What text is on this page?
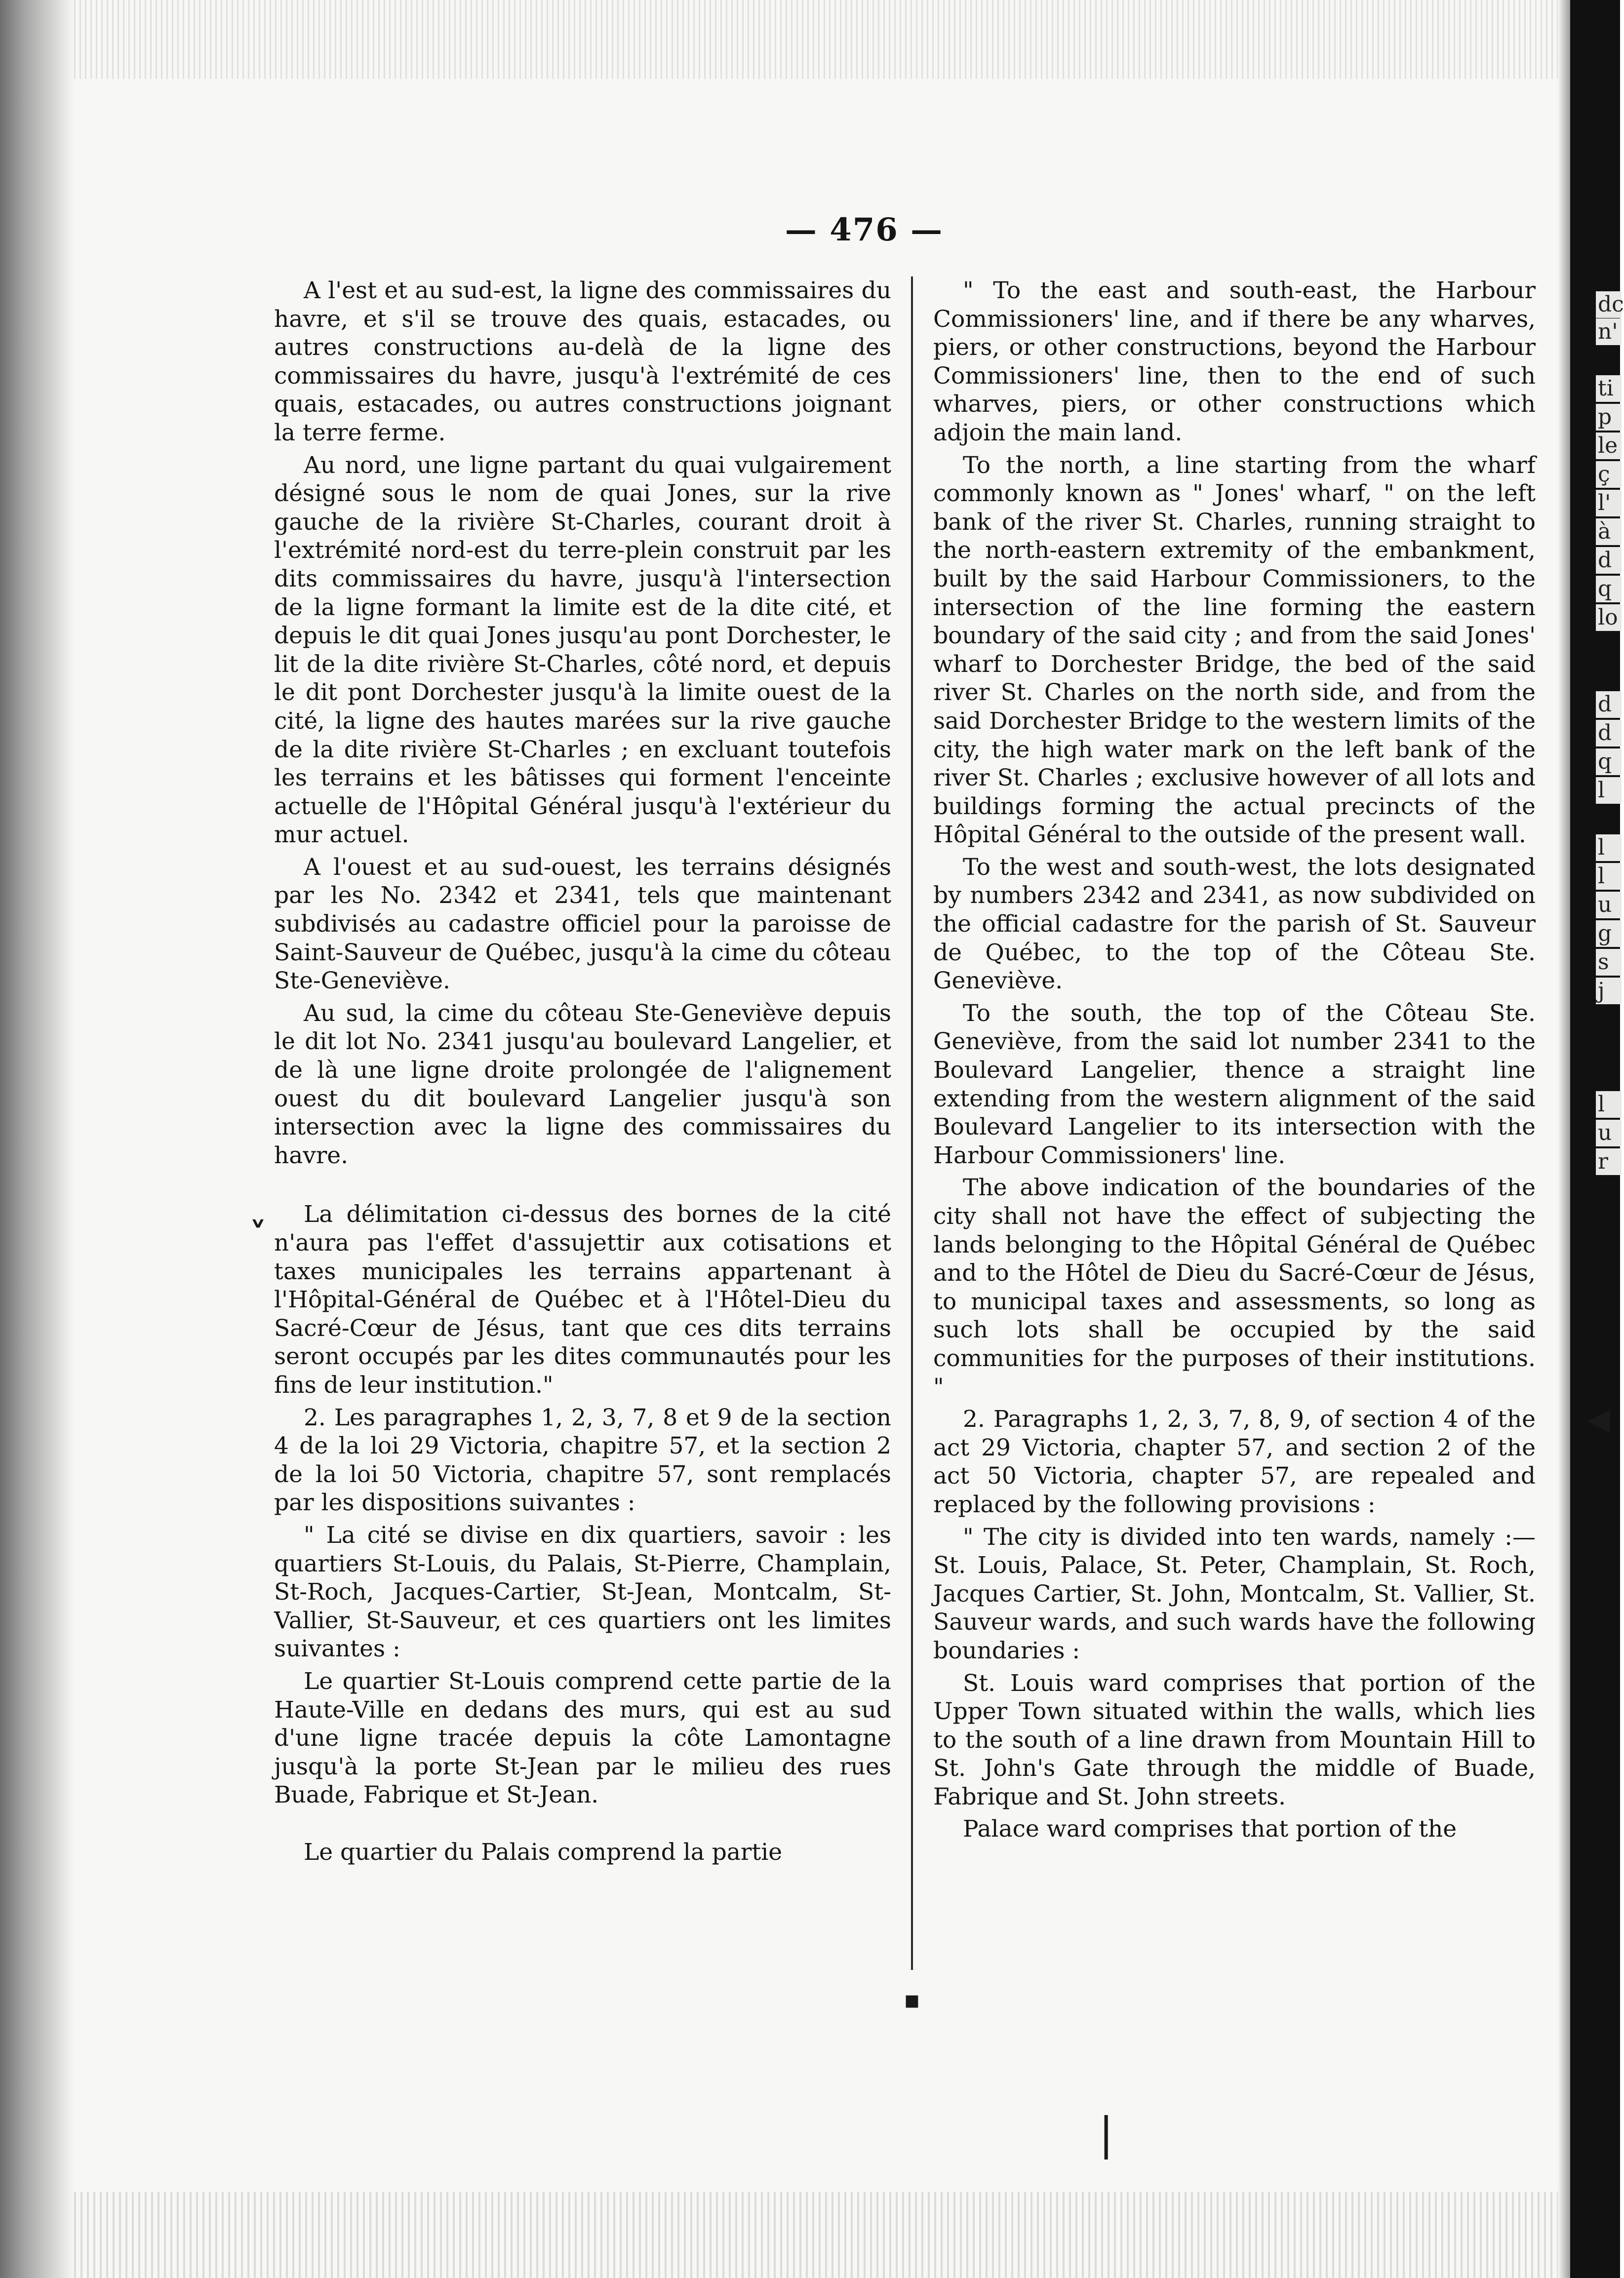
dc
n'
ti
p
le
ç
l'
à
d
q
lo
d
d
q
l
l
l
u
g
s
j
l
u
r
— 476 —

A l'est et au sud-est, la ligne des commissaires du havre, et s'il se trouve des quais, estacades, ou autres constructions au-delà de la ligne des commissaires du havre, jusqu'à l'extrémité de ces quais, estacades, ou autres constructions joignant la terre ferme.

Au nord, une ligne partant du quai vulgairement désigné sous le nom de quai Jones, sur la rive gauche de la rivière St-Charles, courant droit à l'extrémité nord-est du terre-plein construit par les dits commissaires du havre, jusqu'à l'intersection de la ligne formant la limite est de la dite cité, et depuis le dit quai Jones jusqu'au pont Dorchester, le lit de la dite rivière St-Charles, côté nord, et depuis le dit pont Dorchester jusqu'à la limite ouest de la cité, la ligne des hautes marées sur la rive gauche de la dite rivière St-Charles ; en excluant toutefois les terrains et les bâtisses qui forment l'enceinte actuelle de l'Hôpital Général jusqu'à l'extérieur du mur actuel.

A l'ouest et au sud-ouest, les terrains désignés par les No. 2342 et 2341, tels que maintenant subdivisés au cadastre officiel pour la paroisse de Saint-Sauveur de Québec, jusqu'à la cime du côteau Ste-Geneviève.

Au sud, la cime du côteau Ste-Geneviève depuis le dit lot No. 2341 jusqu'au boulevard Langelier, et de là une ligne droite prolongée de l'alignement ouest du dit boulevard Langelier jusqu'à son intersection avec la ligne des commissaires du havre.

La délimitation ci-dessus des bornes de la cité n'aura pas l'effet d'assujettir aux cotisations et taxes municipales les terrains appartenant à l'Hôpital-Général de Québec et à l'Hôtel-Dieu du Sacré-Cœur de Jésus, tant que ces dits terrains seront occupés par les dites communautés pour les fins de leur institution."

2. Les paragraphes 1, 2, 3, 7, 8 et 9 de la section 4 de la loi 29 Victoria, chapitre 57, et la section 2 de la loi 50 Victoria, chapitre 57, sont remplacés par les dispositions suivantes :

" La cité se divise en dix quartiers, savoir : les quartiers St-Louis, du Palais, St-Pierre, Champlain, St-Roch, Jacques-Cartier, St-Jean, Montcalm, St-Vallier, St-Sauveur, et ces quartiers ont les limites suivantes :

Le quartier St-Louis comprend cette partie de la Haute-Ville en dedans des murs, qui est au sud d'une ligne tracée depuis la côte Lamontagne jusqu'à la porte St-Jean par le milieu des rues Buade, Fabrique et St-Jean.

Le quartier du Palais comprend la partie

" To the east and south-east, the Harbour Commissioners' line, and if there be any wharves, piers, or other constructions, beyond the Harbour Commissioners' line, then to the end of such wharves, piers, or other constructions which adjoin the main land.

To the north, a line starting from the wharf commonly known as " Jones' wharf, " on the left bank of the river St. Charles, running straight to the north-eastern extremity of the embankment, built by the said Harbour Commissioners, to the intersection of the line forming the eastern boundary of the said city ; and from the said Jones' wharf to Dorchester Bridge, the bed of the said river St. Charles on the north side, and from the said Dorchester Bridge to the western limits of the city, the high water mark on the left bank of the river St. Charles ; exclusive however of all lots and buildings forming the actual precincts of the Hôpital Général to the outside of the present wall.

To the west and south-west, the lots designated by numbers 2342 and 2341, as now subdivided on the official cadastre for the parish of St. Sauveur de Québec, to the top of the Côteau Ste. Geneviève.

To the south, the top of the Côteau Ste. Geneviève, from the said lot number 2341 to the Boulevard Langelier, thence a straight line extending from the western alignment of the said Boulevard Langelier to its intersection with the Harbour Commissioners' line.

The above indication of the boundaries of the city shall not have the effect of subjecting the lands belonging to the Hôpital Général de Québec and to the Hôtel de Dieu du Sacré-Cœur de Jésus, to municipal taxes and assessments, so long as such lots shall be occupied by the said communities for the purposes of their institutions. "

2. Paragraphs 1, 2, 3, 7, 8, 9, of section 4 of the act 29 Victoria, chapter 57, and section 2 of the act 50 Victoria, chapter 57, are repealed and replaced by the following provisions :

" The city is divided into ten wards, namely :—St. Louis, Palace, St. Peter, Champlain, St. Roch, Jacques Cartier, St. John, Montcalm, St. Vallier, St. Sauveur wards, and such wards have the following boundaries :

St. Louis ward comprises that portion of the Upper Town situated within the walls, which lies to the south of a line drawn from Mountain Hill to St. John's Gate through the middle of Buade, Fabrique and St. John streets.

Palace ward comprises that portion of the

˅
▪
|
◀
